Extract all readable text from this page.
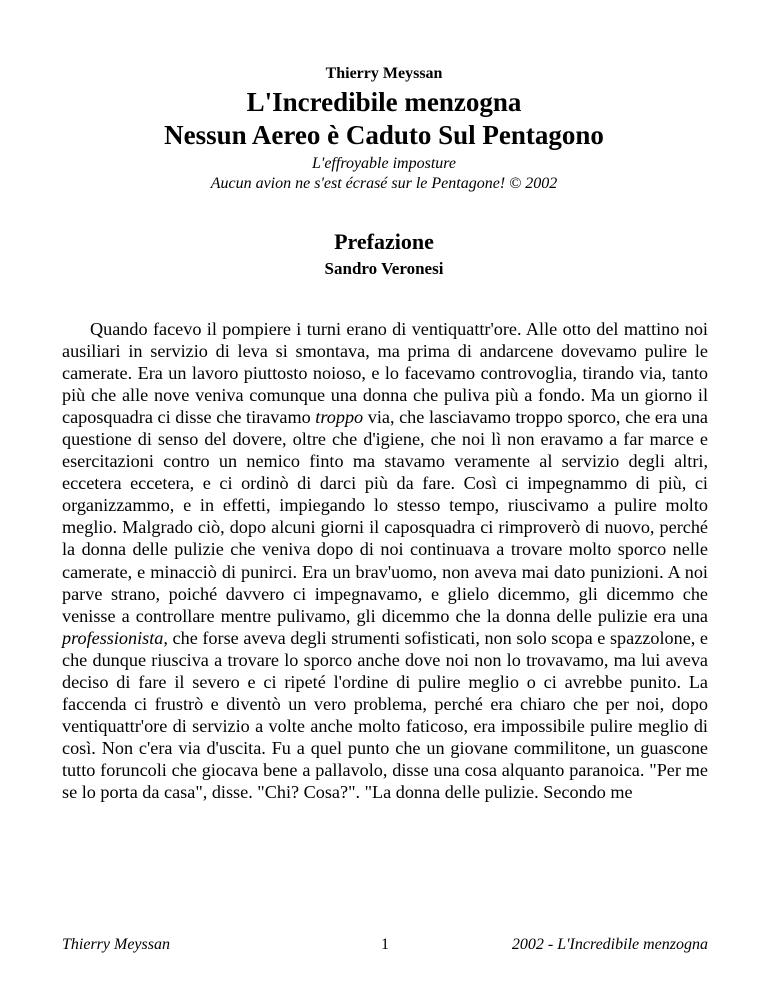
Thierry Meyssan
L'Incredibile menzogna
Nessun Aereo è Caduto Sul Pentagono
L'effroyable imposture
Aucun avion ne s'est écrasé sur le Pentagone! © 2002
Prefazione
Sandro Veronesi

Quando facevo il pompiere i turni erano di ventiquattr'ore. Alle otto del mattino noi ausiliari in servizio di leva si smontava, ma prima di andarcene dovevamo pulire le camerate. Era un lavoro piuttosto noioso, e lo facevamo controvoglia, tirando via, tanto più che alle nove veniva comunque una donna che puliva più a fondo. Ma un giorno il caposquadra ci disse che tiravamo troppo via, che lasciavamo troppo sporco, che era una questione di senso del dovere, oltre che d'igiene, che noi lì non eravamo a far marce e esercitazioni contro un nemico finto ma stavamo veramente al servizio degli altri, eccetera eccetera, e ci ordinò di darci più da fare. Così ci impegnammo di più, ci organizzammo, e in effetti, impiegando lo stesso tempo, riuscivamo a pulire molto meglio. Malgrado ciò, dopo alcuni giorni il caposquadra ci rimproverò di nuovo, perché la donna delle pulizie che veniva dopo di noi continuava a trovare molto sporco nelle camerate, e minacciò di punirci. Era un brav'uomo, non aveva mai dato punizioni. A noi parve strano, poiché davvero ci impegnavamo, e glielo dicemmo, gli dicemmo che venisse a controllare mentre pulivamo, gli dicemmo che la donna delle pulizie era una professionista, che forse aveva degli strumenti sofisticati, non solo scopa e spazzolone, e che dunque riusciva a trovare lo sporco anche dove noi non lo trovavamo, ma lui aveva deciso di fare il severo e ci ripeté l'ordine di pulire meglio o ci avrebbe punito. La faccenda ci frustrò e diventò un vero problema, perché era chiaro che per noi, dopo ventiquattr'ore di servizio a volte anche molto faticoso, era impossibile pulire meglio di così. Non c'era via d'uscita. Fu a quel punto che un giovane commilitone, un guascone tutto foruncoli che giocava bene a pallavolo, disse una cosa alquanto paranoica. "Per me se lo porta da casa", disse. "Chi? Cosa?". "La donna delle pulizie. Secondo me

Thierry Meyssan	1	2002 - L'Incredibile menzogna
